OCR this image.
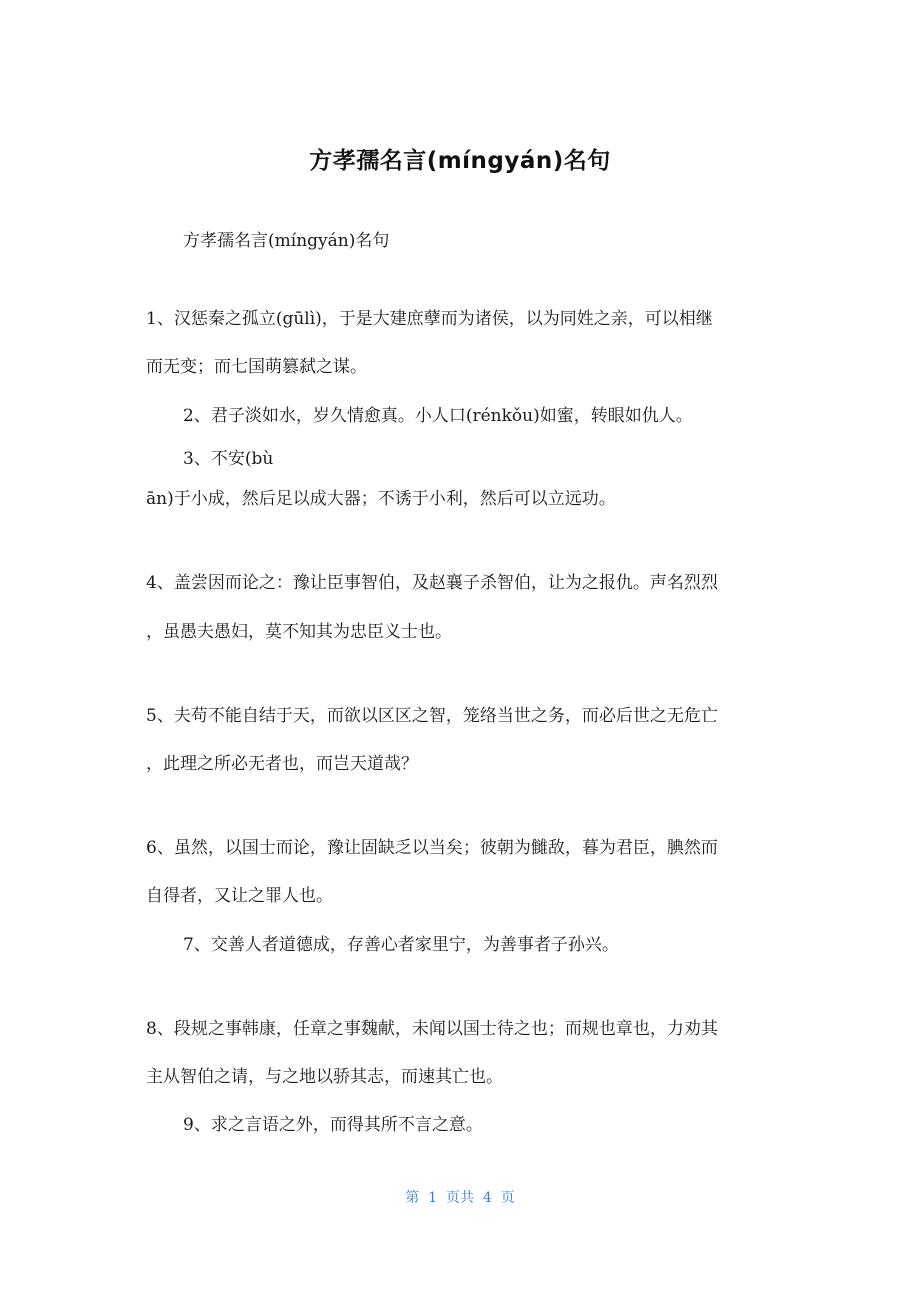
方孝孺名言(míngyán)名句
方孝孺名言(míngyán)名句
1、汉惩秦之孤立(gūlì)，于是大建庶孽而为诸侯，以为同姓之亲，可以相继
而无变；而七国萌篡弑之谋。
2、君子淡如水，岁久情愈真。小人口(rénkǒu)如蜜，转眼如仇人。
3、不安(bù
ān)于小成，然后足以成大器；不诱于小利，然后可以立远功。
4、盖尝因而论之：豫让臣事智伯，及赵襄子杀智伯，让为之报仇。声名烈烈
，虽愚夫愚妇，莫不知其为忠臣义士也。
5、夫苟不能自结于天，而欲以区区之智，笼络当世之务，而必后世之无危亡
，此理之所必无者也，而岂天道哉？
6、虽然，以国士而论，豫让固缺乏以当矣；彼朝为雠敌，暮为君臣，腆然而
自得者，又让之罪人也。
7、交善人者道德成，存善心者家里宁，为善事者子孙兴。
8、段规之事韩康，任章之事魏献，未闻以国士待之也；而规也章也，力劝其
主从智伯之请，与之地以骄其志，而速其亡也。
9、求之言语之外，而得其所不言之意。
第  1  页共  4  页
